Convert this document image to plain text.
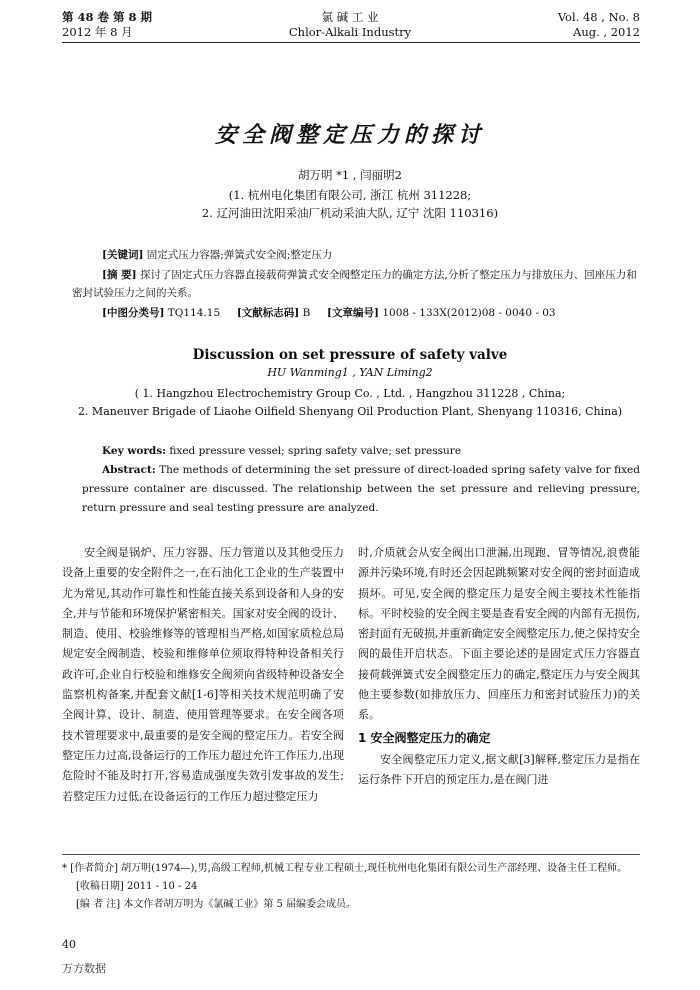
第 48 卷 第 8 期
2012 年 8 月
氯 碱 工 业
Chlor-Alkali Industry
Vol. 48 , No. 8
Aug. , 2012
安全阀整定压力的探讨
胡万明 *1 , 闫丽明2
(1. 杭州电化集团有限公司, 浙江 杭州 311228;
2. 辽河油田沈阳采油厂机动采油大队, 辽宁 沈阳 110316)
[关键词] 固定式压力容器;弹簧式安全阀;整定压力
[摘 要] 探讨了固定式压力容器直接载荷弹簧式安全阀整定压力的确定方法,分析了整定压力与排放压力、回座压力和密封试验压力之间的关系。
[中图分类号] TQ114.15 [文献标志码] B [文章编号] 1008 - 133X(2012)08 - 0040 - 03
Discussion on set pressure of safety valve
HU Wanming1 , YAN Liming2
( 1. Hangzhou Electrochemistry Group Co. , Ltd. , Hangzhou 311228 , China;
2. Maneuver Brigade of Liaohe Oilfield Shenyang Oil Production Plant, Shenyang 110316, China)
Key words: fixed pressure vessel; spring safety valve; set pressure
Abstract: The methods of determining the set pressure of direct-loaded spring safety valve for fixed pressure container are discussed. The relationship between the set pressure and relieving pressure, return pressure and seal testing pressure are analyzed.

安全阀是锅炉、压力容器、压力管道以及其他受压力设备上重要的安全附件之一,在石油化工企业的生产装置中尤为常见,其动作可靠性和性能直接关系到设备和人身的安全,并与节能和环境保护紧密相关。国家对安全阀的设计、制造、使用、校验维修等的管理相当严格,如国家质检总局规定安全阀制造、校验和维修单位须取得特种设备相关行政许可,企业自行校验和维修安全阀须向省级特种设备安全监察机构备案,并配套文献[1-6]等相关技术规范明确了安全阀计算、设计、制造、使用管理等要求。在安全阀各项技术管理要求中,最重要的是安全阀的整定压力。若安全阀整定压力过高,设备运行的工作压力超过允许工作压力,出现危险时不能及时打开,容易造成强度失效引发事故的发生;若整定压力过低,在设备运行的工作压力超过整定压力

时,介质就会从安全阀出口泄漏,出现跑、冒等情况,浪费能源并污染环境,有时还会因起跳频繁对安全阀的密封面造成损坏。可见,安全阀的整定压力是安全阀主要技术性能指标。平时校验的安全阀主要是查看安全阀的内部有无损伤,密封面有无破损,并重新确定安全阀整定压力,使之保持安全阀的最佳开启状态。下面主要论述的是固定式压力容器直接荷载弹簧式安全阀整定压力的确定,整定压力与安全阀其他主要参数(如排放压力、回座压力和密封试验压力)的关系。

1 安全阀整定压力的确定

安全阀整定压力定义,据文献[3]解释,整定压力是指在运行条件下开启的预定压力,是在阀门进

* [作者简介] 胡万明(1974—),男,高级工程师,机械工程专业工程硕士,现任杭州电化集团有限公司生产部经理、设备主任工程师。
[收稿日期] 2011 - 10 - 24
[编 者 注] 本文作者胡万明为《氯碱工业》第 5 届编委会成员。
40
万方数据
